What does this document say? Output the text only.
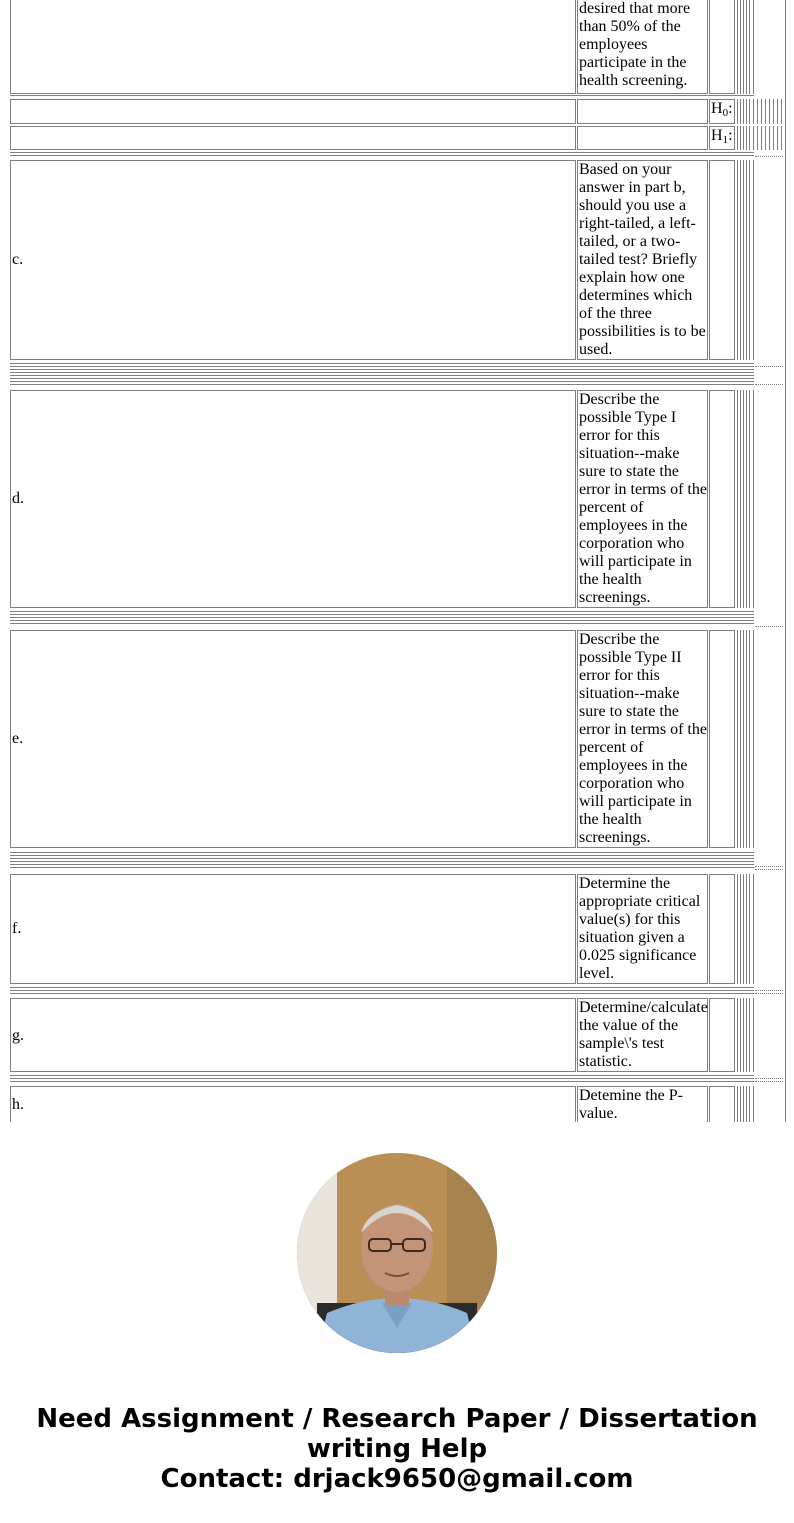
desired that more than 50% of the employees participate in the health screening.
$H_0$:
$H_1$:
c.
Based on your answer in part b, should you use a right-tailed, a left-tailed, or a two-tailed test? Briefly explain how one determines which of the three possibilities is to be used.
d.
Describe the possible Type I error for this situation--make sure to state the error in terms of the percent of employees in the corporation who will participate in the health screenings.
e.
Describe the possible Type II error for this situation--make sure to state the error in terms of the percent of employees in the corporation who will participate in the health screenings.
f.
Determine the appropriate critical value(s) for this situation given a 0.025 significance level.
g.
Determine/calculate the value of the sample\'s test statistic.
h.
Detemine the P-value.
Need Assignment / Research Paper / Dissertation
writing Help
Contact: drjack9650@gmail.com
